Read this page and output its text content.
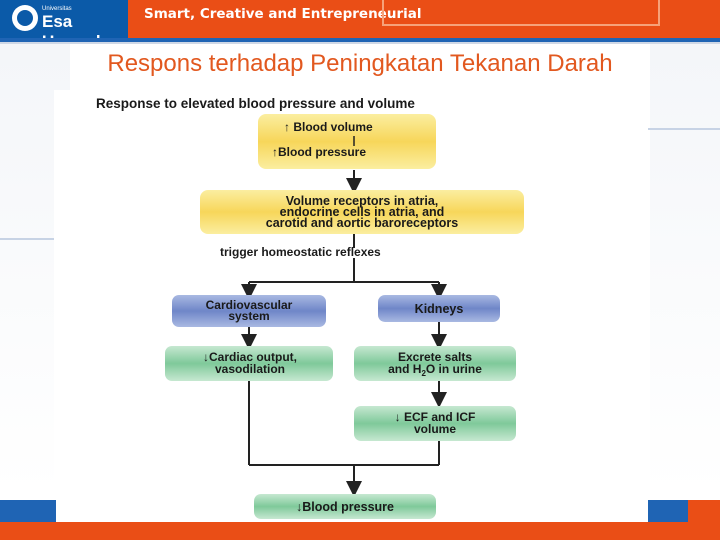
Universitas
Esa	Smart, Creative and Entrepreneurial
Respons terhadap Peningkatan Tekanan Darah
Response to elevated blood pressure and volume
↑ Blood volume
↑Blood pressure
Volume receptors in atria,
endocrine cells in atria, and
carotid and aortic baroreceptors
trigger homeostatic reflexes
Cardiovascular
system	Kidneys
↓Cardiac output,
vasodilation
Excrete salts
and $H_2O$ in urine
↓ ECF and ICF
volume
↓Blood pressure
